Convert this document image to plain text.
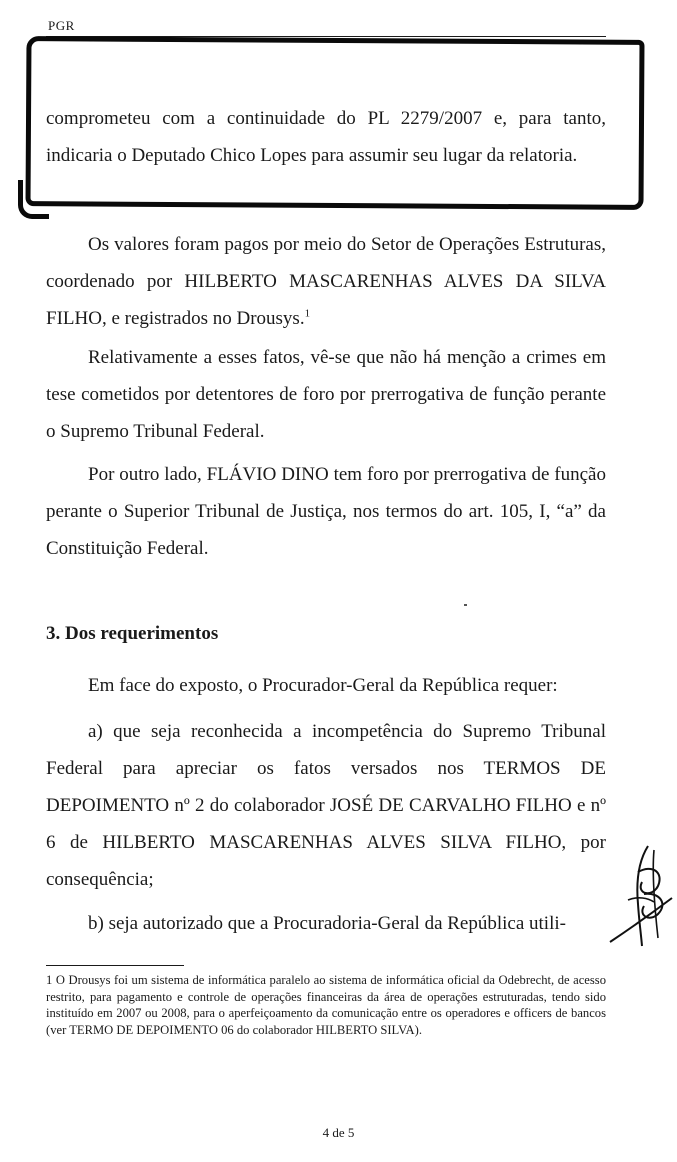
PGR

comprometeu com a continuidade do PL 2279/2007 e, para tanto, indicaria o Deputado Chico Lopes para assumir seu lugar da relatoria.

Os valores foram pagos por meio do Setor de Operações Estruturas, coordenado por HILBERTO MASCARENHAS ALVES DA SILVA FILHO, e registrados no Drousys.$^1$

Relativamente a esses fatos, vê-se que não há menção a crimes em tese cometidos por detentores de foro por prerrogativa de função perante o Supremo Tribunal Federal.

Por outro lado, FLÁVIO DINO tem foro por prerrogativa de função perante o Superior Tribunal de Justiça, nos termos do art. 105, I, “a” da Constituição Federal.

3. Dos requerimentos

Em face do exposto, o Procurador-Geral da República requer:

a) que seja reconhecida a incompetência do Supremo Tribunal Federal para apreciar os fatos versados nos TERMOS DE DEPOIMENTO nº 2 do colaborador JOSÉ DE CARVALHO FILHO e nº 6 de HILBERTO MASCARENHAS ALVES SILVA FILHO, por consequência;

b) seja autorizado que a Procuradoria-Geral da República utili-

1 O Drousys foi um sistema de informática paralelo ao sistema de informática oficial da Odebrecht, de acesso restrito, para pagamento e controle de operações financeiras da área de operações estruturadas, tendo sido instituído em 2007 ou 2008, para o aperfeiçoamento da comunicação entre os operadores e officers de bancos (ver TERMO DE DEPOIMENTO 06 do colaborador HILBERTO SILVA).

4 de 5
